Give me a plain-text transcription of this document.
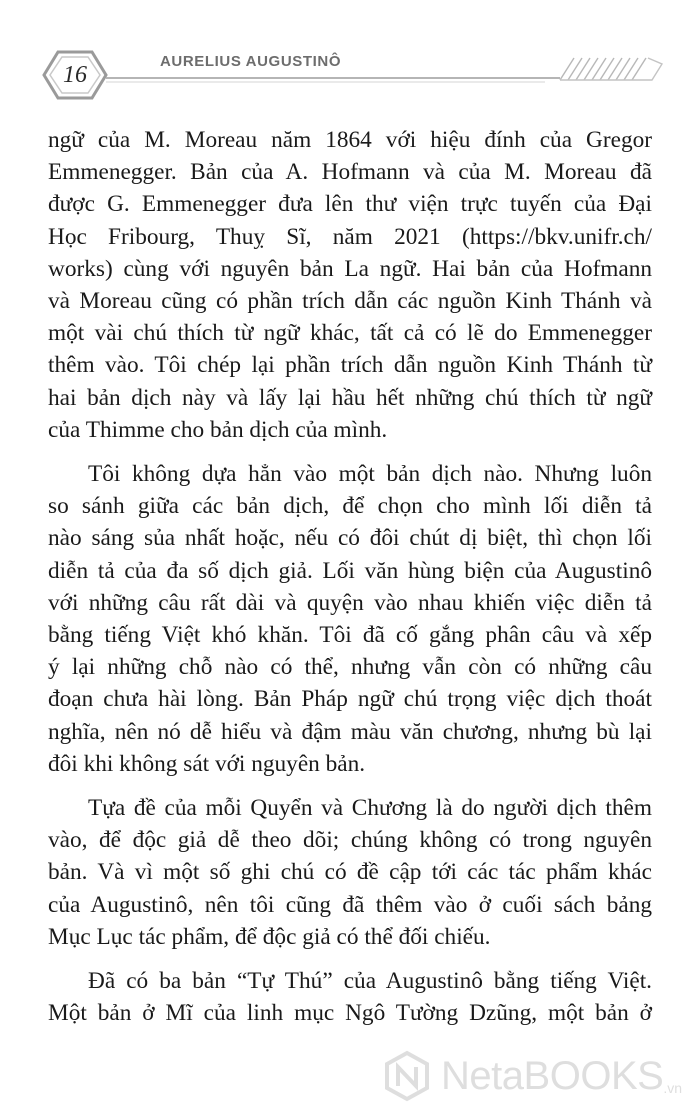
16	AURELIUS AUGUSTINÔ

ngữ của M. Moreau năm 1864 với hiệu đính của Gregor
Emmenegger. Bản của A. Hofmann và của M. Moreau đã
được G. Emmenegger đưa lên thư viện trực tuyến của Đại
Học Fribourg, Thuỵ Sĩ, năm 2021 (https://bkv.unifr.ch/
works) cùng với nguyên bản La ngữ. Hai bản của Hofmann
và Moreau cũng có phần trích dẫn các nguồn Kinh Thánh và
một vài chú thích từ ngữ khác, tất cả có lẽ do Emmenegger
thêm vào. Tôi chép lại phần trích dẫn nguồn Kinh Thánh từ
hai bản dịch này và lấy lại hầu hết những chú thích từ ngữ
của Thimme cho bản dịch của mình.

Tôi không dựa hẳn vào một bản dịch nào. Nhưng luôn
so sánh giữa các bản dịch, để chọn cho mình lối diễn tả
nào sáng sủa nhất hoặc, nếu có đôi chút dị biệt, thì chọn lối
diễn tả của đa số dịch giả. Lối văn hùng biện của Augustinô
với những câu rất dài và quyện vào nhau khiến việc diễn tả
bằng tiếng Việt khó khăn. Tôi đã cố gắng phân câu và xếp
ý lại những chỗ nào có thể, nhưng vẫn còn có những câu
đoạn chưa hài lòng. Bản Pháp ngữ chú trọng việc dịch thoát
nghĩa, nên nó dễ hiểu và đậm màu văn chương, nhưng bù lại
đôi khi không sát với nguyên bản.

Tựa đề của mỗi Quyển và Chương là do người dịch thêm
vào, để độc giả dễ theo dõi; chúng không có trong nguyên
bản. Và vì một số ghi chú có đề cập tới các tác phẩm khác
của Augustinô, nên tôi cũng đã thêm vào ở cuối sách bảng
Mục Lục tác phẩm, để độc giả có thể đối chiếu.

Đã có ba bản “Tự Thú” của Augustinô bằng tiếng Việt.
Một bản ở Mĩ của linh mục Ngô Tường Dzũng, một bản ở

NetaBOOKS .vn
